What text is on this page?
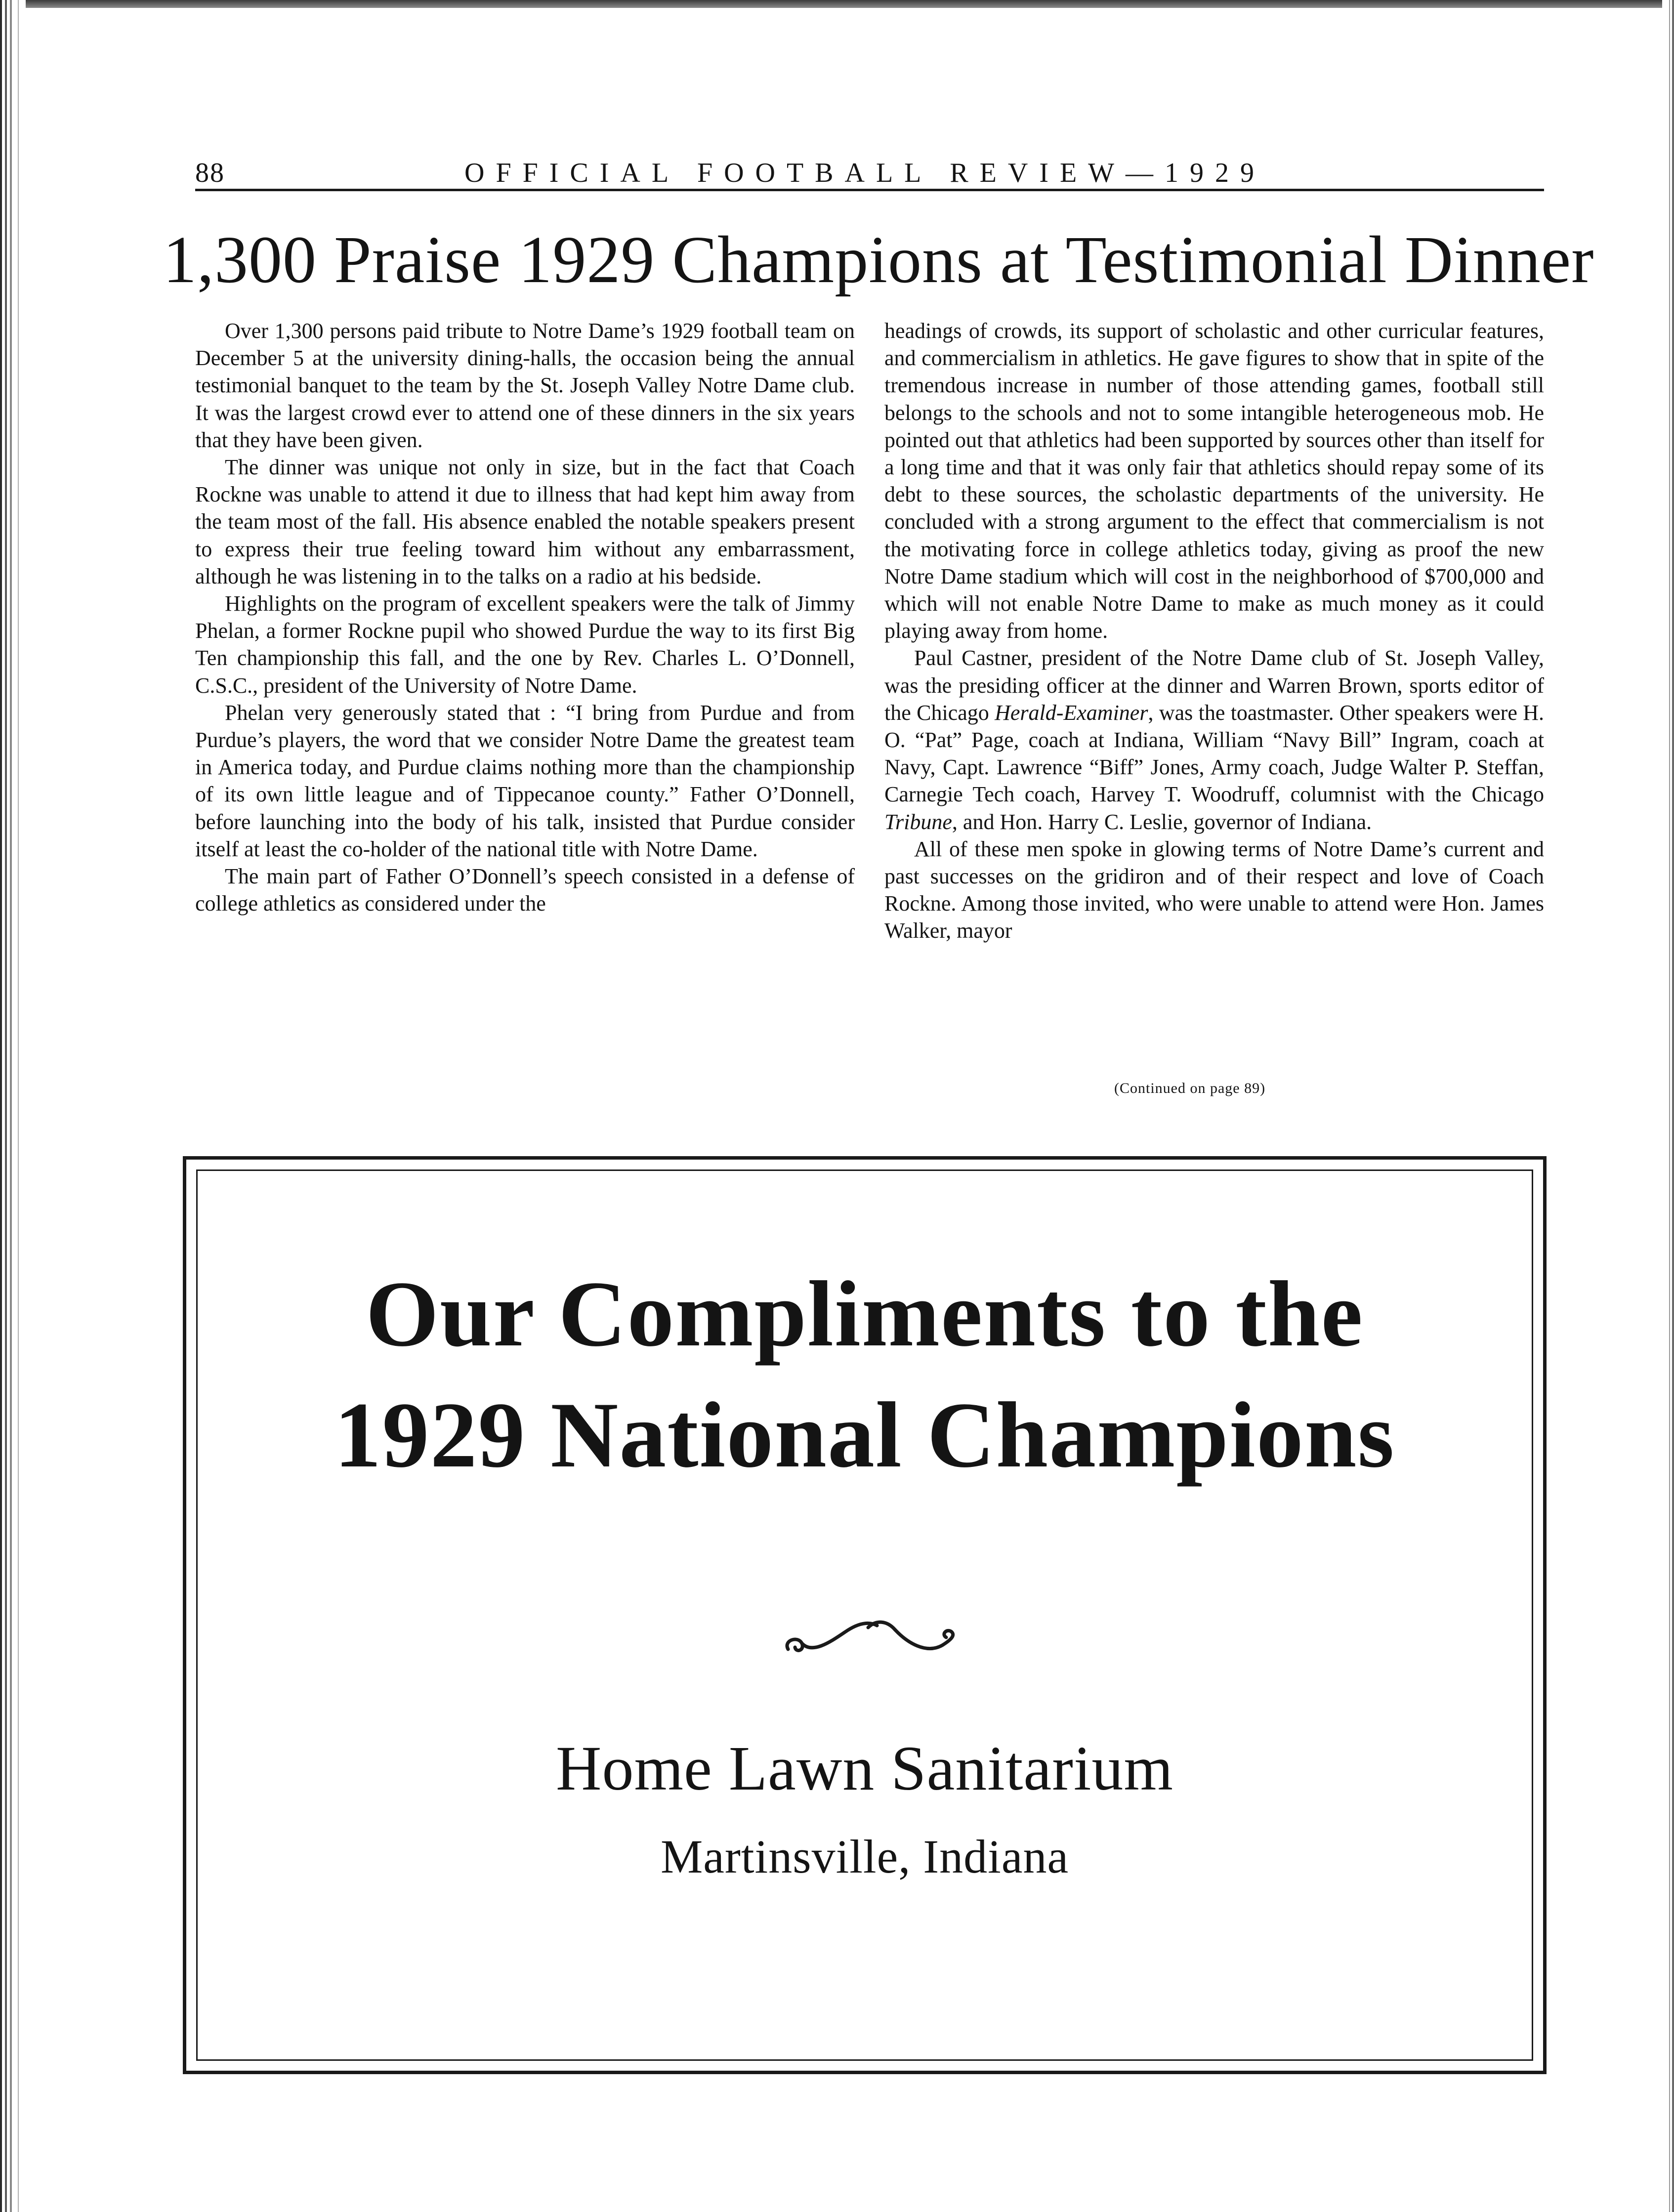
88	OFFICIAL FOOTBALL REVIEW—1929
1,300 Praise 1929 Champions at Testimonial Dinner

Over 1,300 persons paid tribute to Notre Dame’s 1929 football team on December 5 at the university dining-halls, the occasion being the annual testimonial banquet to the team by the St. Joseph Valley Notre Dame club. It was the largest crowd ever to attend one of these dinners in the six years that they have been given.

The dinner was unique not only in size, but in the fact that Coach Rockne was unable to attend it due to illness that had kept him away from the team most of the fall. His absence enabled the notable speakers present to express their true feeling toward him without any embarrassment, although he was listening in to the talks on a radio at his bedside.

Highlights on the program of excellent speakers were the talk of Jimmy Phelan, a former Rockne pupil who showed Purdue the way to its first Big Ten championship this fall, and the one by Rev. Charles L. O’Donnell, C.S.C., president of the University of Notre Dame.

Phelan very generously stated that : “I bring from Purdue and from Purdue’s players, the word that we consider Notre Dame the greatest team in America today, and Purdue claims nothing more than the championship of its own little league and of Tippecanoe county.” Father O’Donnell, before launching into the body of his talk, insisted that Purdue consider itself at least the co-holder of the national title with Notre Dame.

The main part of Father O’Donnell’s speech consisted in a defense of college athletics as considered under the

headings of crowds, its support of scholastic and other curricular features, and commercialism in athletics. He gave figures to show that in spite of the tremendous increase in number of those attending games, football still belongs to the schools and not to some intangible heterogeneous mob. He pointed out that athletics had been supported by sources other than itself for a long time and that it was only fair that athletics should repay some of its debt to these sources, the scholastic departments of the university. He concluded with a strong argument to the effect that commercialism is not the motivating force in college athletics today, giving as proof the new Notre Dame stadium which will cost in the neighborhood of $700,000 and which will not enable Notre Dame to make as much money as it could playing away from home.

Paul Castner, president of the Notre Dame club of St. Joseph Valley, was the presiding officer at the dinner and Warren Brown, sports editor of the Chicago Herald-Examiner, was the toastmaster. Other speakers were H. O. “Pat” Page, coach at Indiana, William “Navy Bill” Ingram, coach at Navy, Capt. Lawrence “Biff” Jones, Army coach, Judge Walter P. Steffan, Carnegie Tech coach, Harvey T. Woodruff, columnist with the Chicago Tribune, and Hon. Harry C. Leslie, governor of Indiana.

All of these men spoke in glowing terms of Notre Dame’s current and past successes on the gridiron and of their respect and love of Coach Rockne. Among those invited, who were unable to attend were Hon. James Walker, mayor

(Continued on page 89)
Our Compliments to the
1929 National Champions
Home Lawn Sanitarium
Martinsville, Indiana
